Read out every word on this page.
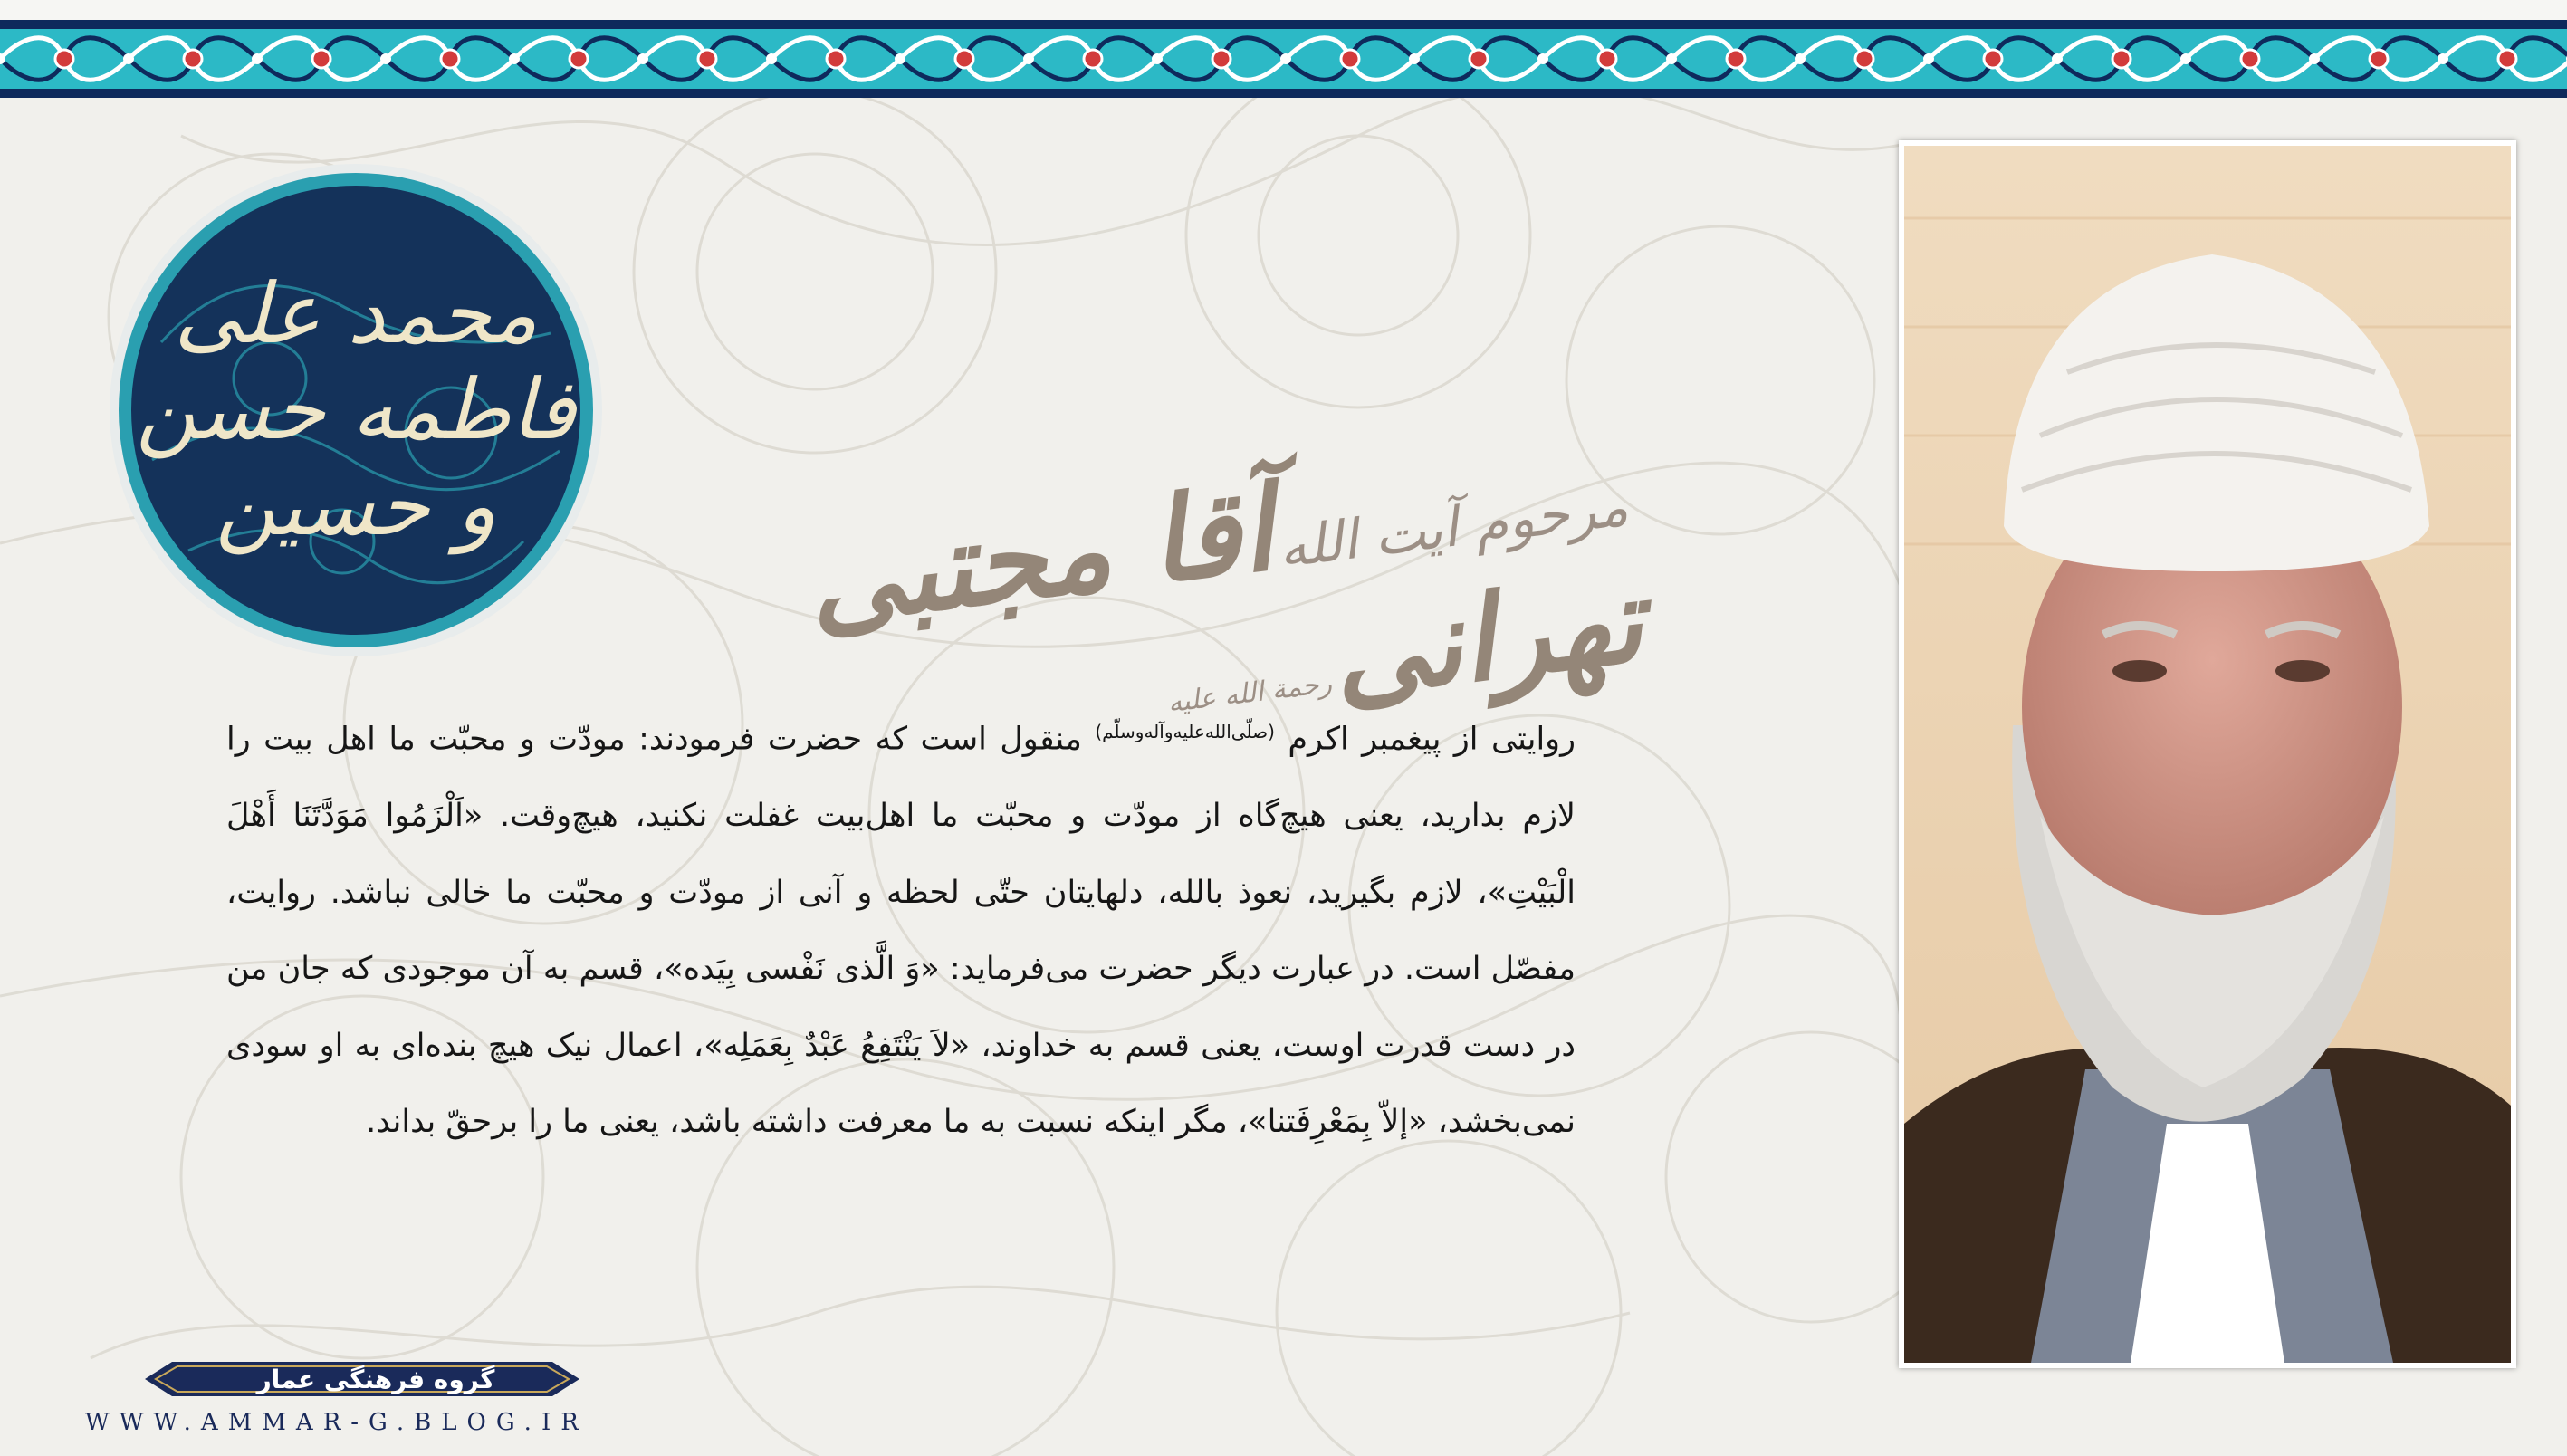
محمد علی فاطمه حسن و حسین	مرحوم آیت الله آقا مجتبی تهرانی رحمة الله علیه
روایتی از پیغمبر اکرم $^{(صلّی‌الله‌علیه‌وآله‌وسلّم)}$ منقول است که حضرت فرمودند: مودّت و محبّت ما اهل بیت را لازم بدارید، یعنی هیچ‌گاه از مودّت و محبّت ما اهل‌بیت غفلت نکنید، هیچ‌وقت. «اَلْزَمُوا مَوَدَّتَنَا أَهْلَ الْبَيْتِ»، لازم بگیرید، نعوذ بالله، دلهایتان حتّی لحظه و آنی از مودّت و محبّت ما خالی نباشد. روایت، مفصّل است. در عبارت دیگر حضرت می‌فرماید: «وَ الَّذی نَفْسی بِیَده»، قسم به آن موجودی که جان من در دست قدرت اوست، یعنی قسم به خداوند، «لاَ یَنْتَفِعُ عَبْدٌ بِعَمَلِه»، اعمال نیک هیچ بنده‌ای به او سودی نمی‌بخشد، «إلاّ بِمَعْرِفَتنا»، مگر اینکه نسبت به ما معرفت داشته باشد، یعنی ما را برحقّ بداند.
گروه فرهنگی عمار
WWW.AMMAR-G.BLOG.IR
